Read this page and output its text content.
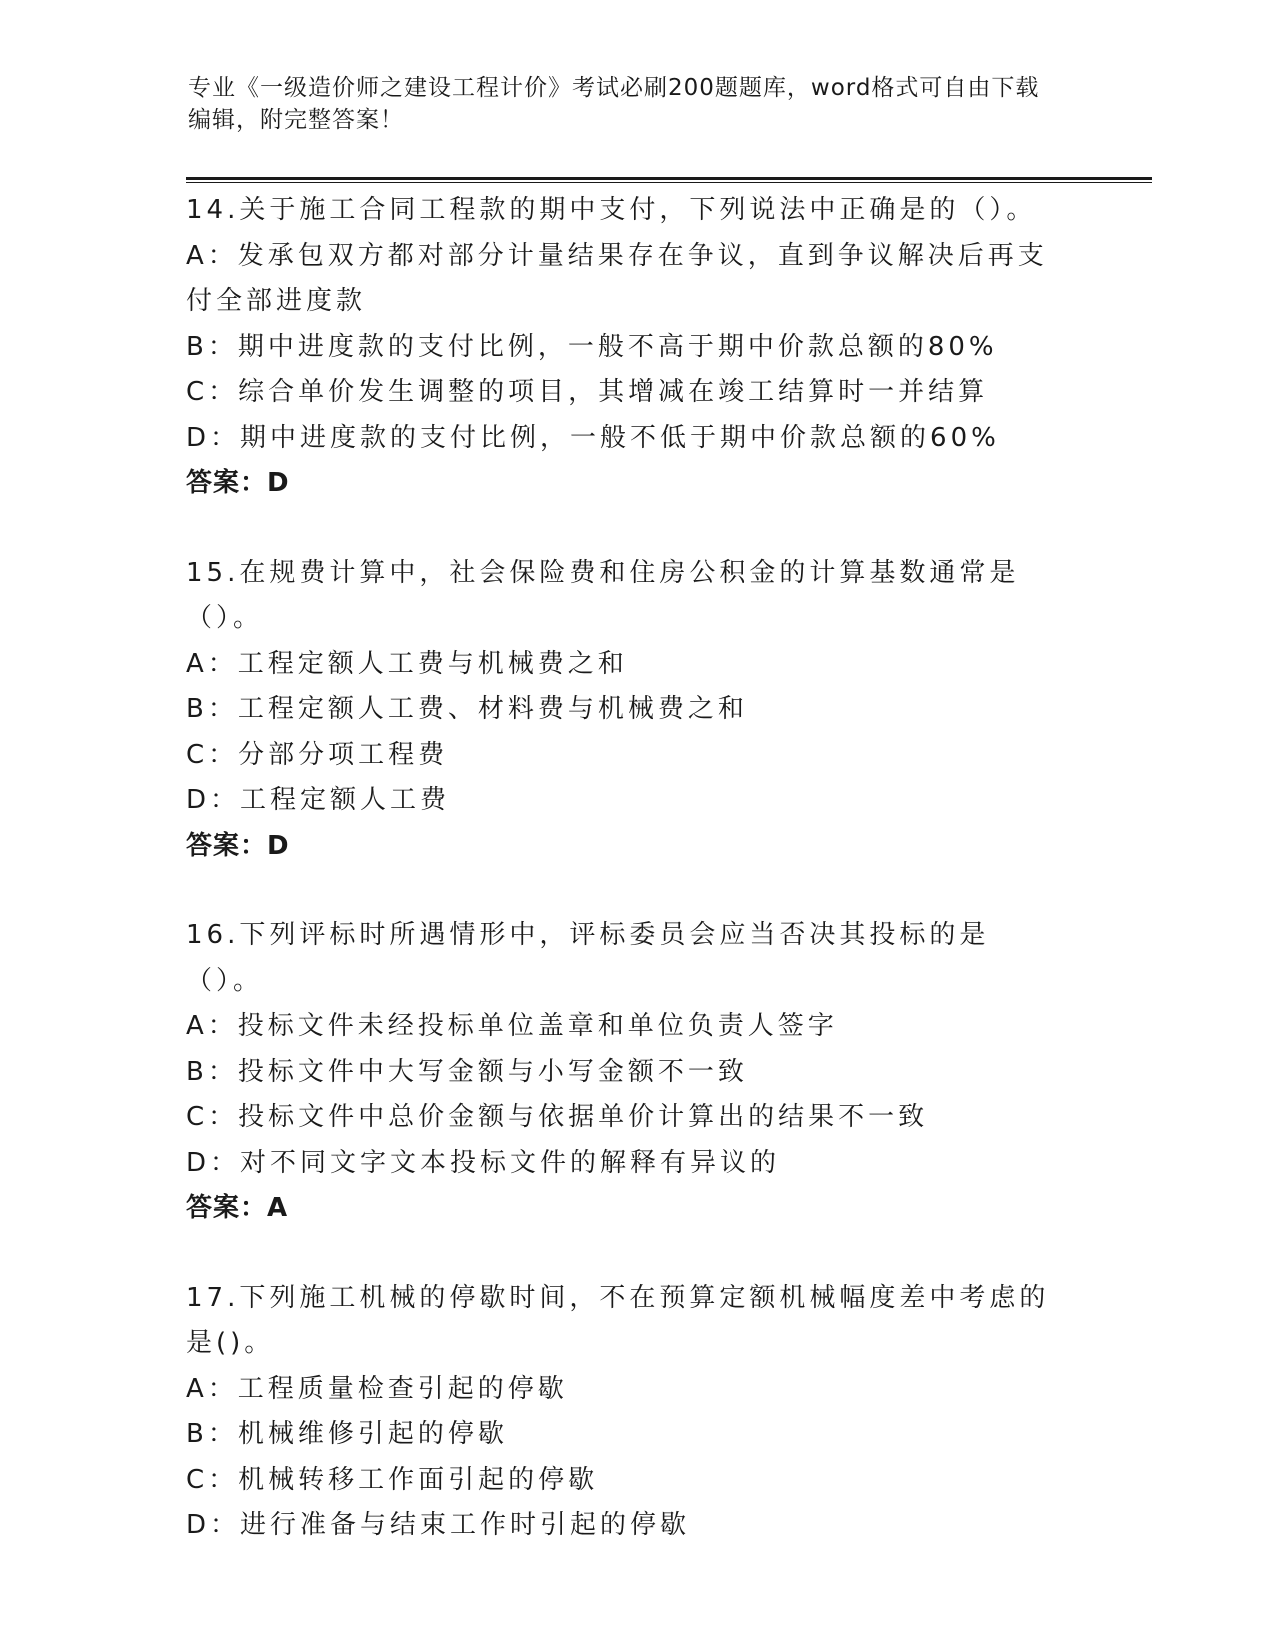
专业《一级造价师之建设工程计价》考试必刷200题题库，word格式可自由下载
编辑，附完整答案！
14.关于施工合同工程款的期中支付，下列说法中正确是的（）。
A：发承包双方都对部分计量结果存在争议，直到争议解决后再支付全部进度款
B：期中进度款的支付比例，一般不高于期中价款总额的80%
C：综合单价发生调整的项目，其增减在竣工结算时一并结算
D：期中进度款的支付比例，一般不低于期中价款总额的60%
答案：D
15.在规费计算中，社会保险费和住房公积金的计算基数通常是（）。
A：工程定额人工费与机械费之和
B：工程定额人工费、材料费与机械费之和
C：分部分项工程费
D：工程定额人工费
答案：D
16.下列评标时所遇情形中，评标委员会应当否决其投标的是（）。
A：投标文件未经投标单位盖章和单位负责人签字
B：投标文件中大写金额与小写金额不一致
C：投标文件中总价金额与依据单价计算出的结果不一致
D：对不同文字文本投标文件的解释有异议的
答案：A
17.下列施工机械的停歇时间，不在预算定额机械幅度差中考虑的是()。
A：工程质量检查引起的停歇
B：机械维修引起的停歇
C：机械转移工作面引起的停歇
D：进行准备与结束工作时引起的停歇
